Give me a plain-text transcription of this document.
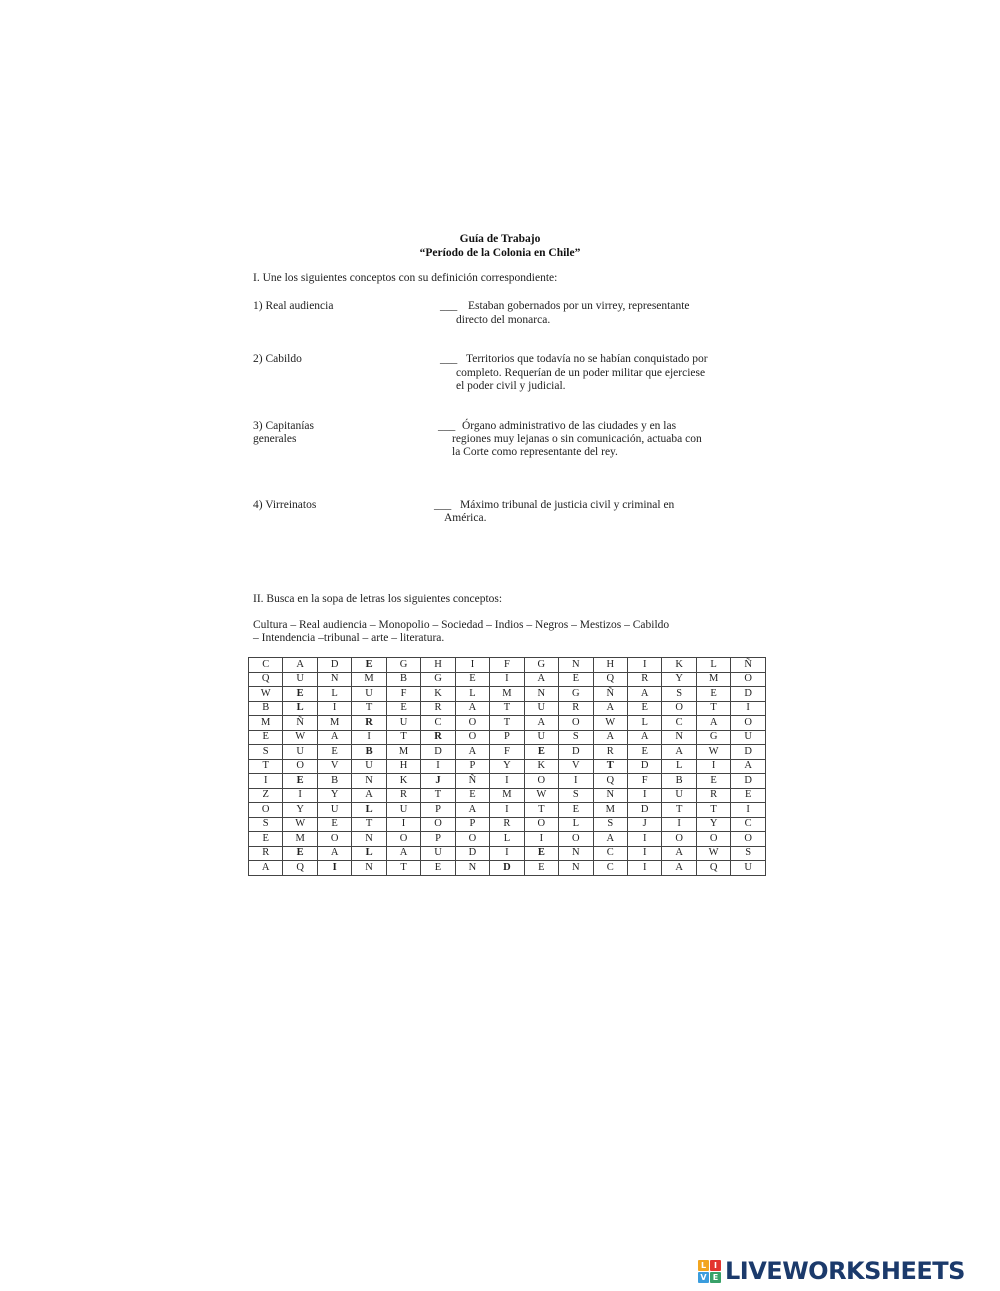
Guía de Trabajo
“Período de la Colonia en Chile”
I. Une los siguientes conceptos con su definición correspondiente:
1) Real audiencia	___ Estaban gobernados por un virrey, representante
directo del monarca.
2) Cabildo	___ Territorios que todavía no se habían conquistado por
completo. Requerían de un poder militar que ejerciese
el poder civil y judicial.
3) Capitanías
generales
___ Órgano administrativo de las ciudades y en las
regiones muy lejanas o sin comunicación, actuaba con
la Corte como representante del rey.
4) Virreinatos	___ Máximo tribunal de justicia civil y criminal en
América.
II. Busca en la sopa de letras los siguientes conceptos:
Cultura – Real audiencia – Monopolio – Sociedad – Indios – Negros – Mestizos – Cabildo
– Intendencia –tribunal – arte – literatura.
C	A	D	E	G	H	I	F	G	N	H	I	K	L	Ñ
Q	U	N	M	B	G	E	I	A	E	Q	R	Y	M	O
W	E	L	U	F	K	L	M	N	G	Ñ	A	S	E	D
B	L	I	T	E	R	A	T	U	R	A	E	O	T	I
M	Ñ	M	R	U	C	O	T	A	O	W	L	C	A	O
E	W	A	I	T	R	O	P	U	S	A	A	N	G	U
S	U	E	B	M	D	A	F	E	D	R	E	A	W	D
T	O	V	U	H	I	P	Y	K	V	T	D	L	I	A
I	E	B	N	K	J	Ñ	I	O	I	Q	F	B	E	D
Z	I	Y	A	R	T	E	M	W	S	N	I	U	R	E
O	Y	U	L	U	P	A	I	T	E	M	D	T	T	I
S	W	E	T	I	O	P	R	O	L	S	J	I	Y	C
E	M	O	N	O	P	O	L	I	O	A	I	O	O	O
R	E	A	L	A	U	D	I	E	N	C	I	A	W	S
A	Q	I	N	T	E	N	D	E	N	C	I	A	Q	U
L I
V E LIVEWORKSHEETS
